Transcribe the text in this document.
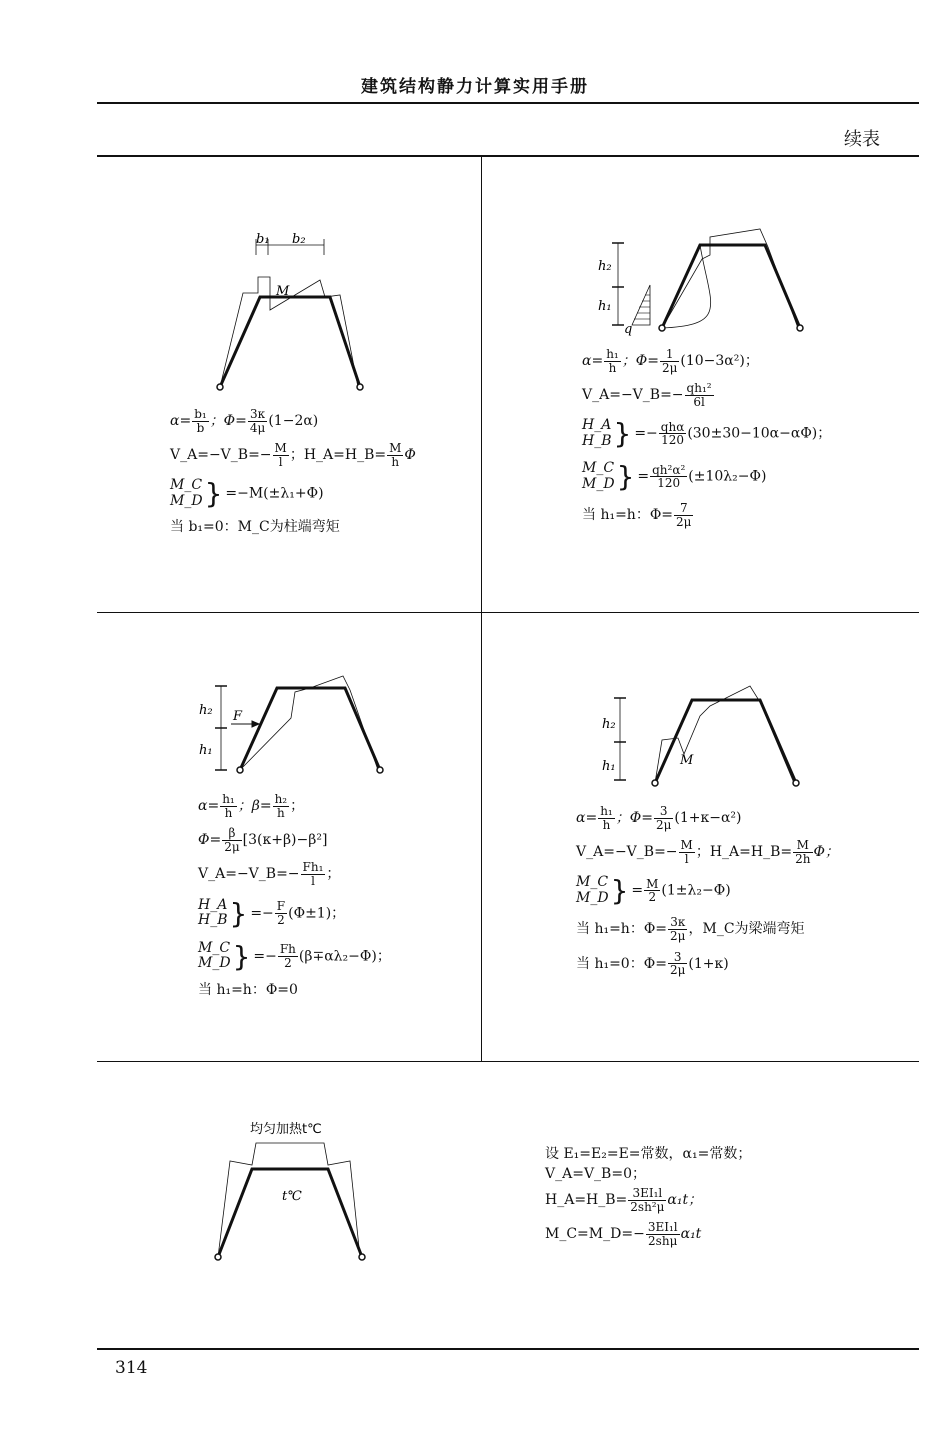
建筑结构静力计算实用手册
续表
314
b₁ b₂
M
$\alpha= \frac{\text{b₁}}{b}$ ；$\Phi= \frac{3\kappa}{4\mu} (1-2\alpha)$
V_A=−V_B=− $\frac{M}{l}$ ；H_A=H_B= $\frac{M}{h}$ Φ
M_C
M_D} =−M(±λ₁+Φ)
当 b₁=0：M_C为柱端弯矩
h₂
h₁
q
$\alpha= \frac{\text{h₁}}{h}$ ；$\Phi= \frac{1}{2\mu} (10-3\alpha^2)$；
V_A=−V_B=− $\frac{\text{qh₁²}}{6l}$
H_A
H_B} =− $\frac{\text{qhα}}{120} (30\pm 30-10\alpha-\alpha\Phi)$；
M_C
M_D} = $\frac{\text{qh²α²}}{120} (\pm 10\lambda_2-\Phi)$
当 h₁=h：$\Phi= \frac{7}{2\mu}$
h₂
h₁
F
$\alpha= \frac{\text{h₁}}{h}$ ；$\beta= \frac{\text{h₂}}{h}$ ；
$\Phi= \frac{\beta}{2\mu} [3(\kappa+\beta)-\beta^2]$
V_A=−V_B=− $\frac{\text{Fh₁}}{l}$ ；
H_A
H_B} =− $\frac{F}{2} (\Phi\pm 1)$；
M_C
M_D} =− $\frac{Fh}{2} (\beta\mp\alpha\lambda_2-\Phi)$；
当 h₁=h：Φ=0
h₂
h₁	M
$\alpha= \frac{\text{h₁}}{h}$ ；$\Phi= \frac{3}{2\mu} (1+\kappa-\alpha^2)$
V_A=−V_B=− $\frac{M}{l}$ ；H_A=H_B= $\frac{M}{2h}$ Φ；
M_C
M_D} = $\frac{M}{2} (1\pm\lambda_2-\Phi)$
当 h₁=h：$\Phi= \frac{3\kappa}{2\mu}$ ，M_C为梁端弯矩
当 h₁=0：$\Phi= \frac{3}{2\mu} (1+\kappa)$
均匀加热t℃
t℃
设 E₁=E₂=E=常数，α₁=常数；
V_A=V_B=0；
H_A=H_B= $\frac{\text{3EI₁l}}{\text{2sh²μ}} \alpha_1t$；
M_C=M_D=− $\frac{\text{3EI₁l}}{\text{2shμ}} \alpha_1t$
